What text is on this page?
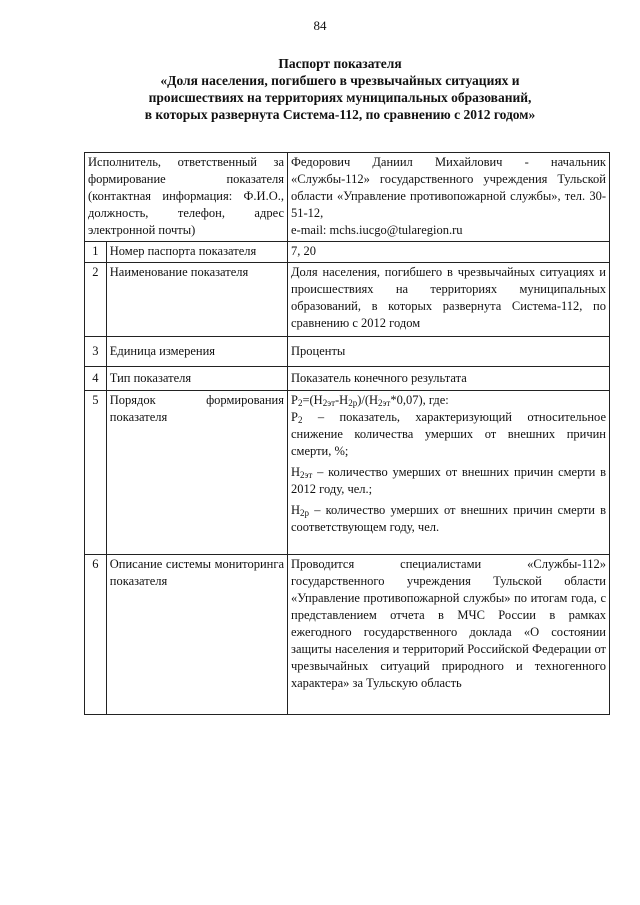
84
Паспорт показателя
«Доля населения, погибшего в чрезвычайных ситуациях и
происшествиях на территориях муниципальных образований,
в которых развернута Система-112, по сравнению с 2012 годом»
Исполнитель, ответственный за формирование показателя (контактная информация: Ф.И.О., должность, телефон, адрес электронной почты)		Федорович Даниил Михайлович - начальник «Службы-112» государственного учреждения Тульской области «Управление противопожарной службы», тел. 30-51-12,

e-mail: mchs.iucgo@tularegion.ru

1	Номер паспорта показателя	7, 20
2	Наименование показателя	Доля населения, погибшего в чрезвычайных ситуациях и происшествиях на территориях муниципальных образований, в которых развернута Система-112, по сравнению с 2012 годом
3	Единица измерения	Проценты
4	Тип показателя	Показатель конечного результата
5	Порядок формирования показателя	$Р_2=(Н_{2эт}-Н_{2р})/(Н_{2эт}*0,07)$, где:

$Р_2$ – показатель, характеризующий относительное снижение количества умерших от внешних причин смерти, %;

$Н_{2эт}$ – количество умерших от внешних причин смерти в 2012 году, чел.;

$Н_{2р}$ – количество умерших от внешних причин смерти в соответствующем году, чел.

6	Описание системы мониторинга показателя	Проводится специалистами «Службы-112» государственного учреждения Тульской области «Управление противопожарной службы» по итогам года, с представлением отчета в МЧС России в рамках ежегодного государственного доклада «О состоянии защиты населения и территорий Российской Федерации от чрезвычайных ситуаций природного и техногенного характера» за Тульскую область
